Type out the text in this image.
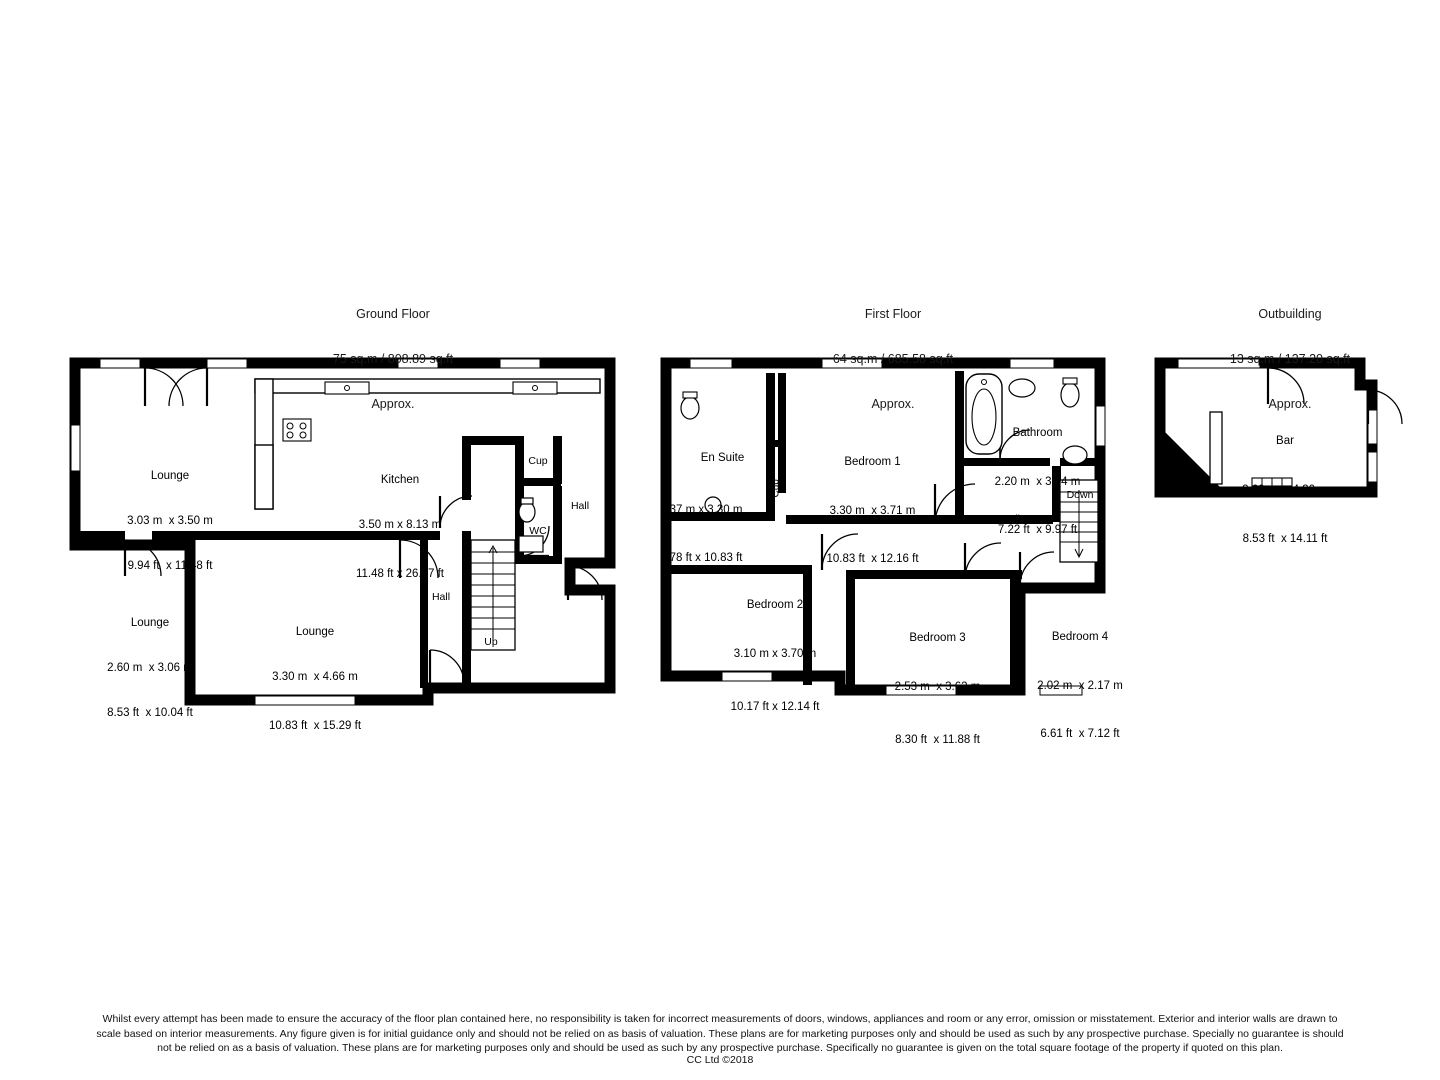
Ground Floor

75 sq.m / 808.89 sq.ft

Approx.

First Floor

64 sq.m / 685.58 sq.ft

Approx.

Outbuilding

13 sq.m / 137.20 sq.ft

Approx.

Lounge

3.03 m  x 3.50 m

9.94 ft  x 11.48 ft

Kitchen

3.50 m x 8.13 m

11.48 ft x 26.67 ft

Lounge

2.60 m  x 3.06 m

8.53 ft  x 10.04 ft

Lounge

3.30 m  x 4.66 m

10.83 ft  x 15.29 ft

Cup
Hall
WC
Hall
Up

En Suite

2.37 m x 3.30 m

7.78 ft x 10.83 ft

Bedroom 1

3.30 m  x 3.71 m

10.83 ft  x 12.16 ft

Bathroom

2.20 m  x 3.04 m

7.22 ft  x 9.97 ft

Bedroom 2

3.10 m x 3.70 m

10.17 ft x 12.14 ft

Bedroom 3

2.53 m  x 3.62 m

8.30 ft  x 11.88 ft

Bedroom 4

2.02 m  x 2.17 m

6.61 ft  x 7.12 ft

Cup
Landing
Down

Bar

2.60 m  x 4.30 m

8.53 ft  x 14.11 ft

Whilst every attempt has been made to ensure the accuracy of the floor plan contained here, no responsibility is taken for incorrect measurements of doors, windows, appliances and room or any error, omission or misstatement. Exterior and interior walls are drawn to

scale based on interior measurements. Any figure given is for initial guidance only and should not be relied on as basis of valuation. These plans are for marketing purposes only and should be used as such by any prospective purchase. Specially no guarantee is should

not be relied on as a basis of valuation. These plans are for marketing purposes only and should be used as such by any prospective purchase. Specifically no guarantee is given on the total square footage of the property if quoted on this plan.

CC Ltd ©2018
